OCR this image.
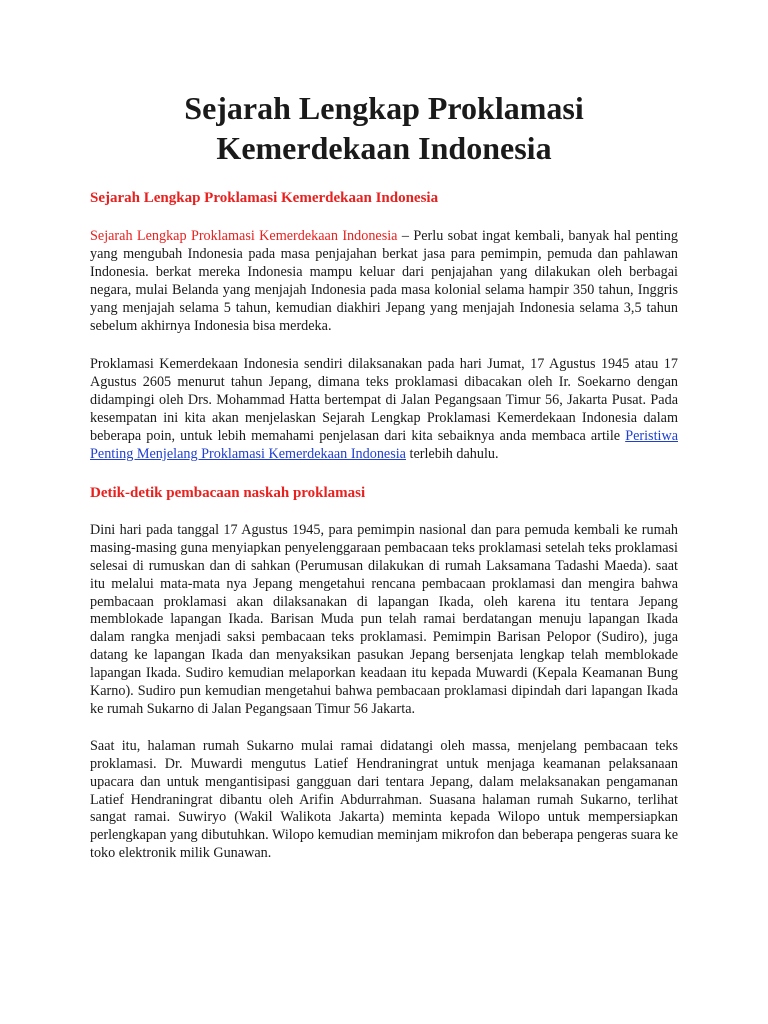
Sejarah Lengkap Proklamasi Kemerdekaan Indonesia
Sejarah Lengkap Proklamasi Kemerdekaan Indonesia

Sejarah Lengkap Proklamasi Kemerdekaan Indonesia – Perlu sobat ingat kembali, banyak hal penting yang mengubah Indonesia pada masa penjajahan berkat jasa para pemimpin, pemuda dan pahlawan Indonesia. berkat mereka Indonesia mampu keluar dari penjajahan yang dilakukan oleh berbagai negara, mulai Belanda yang menjajah Indonesia pada masa kolonial selama hampir 350 tahun, Inggris yang menjajah selama 5 tahun, kemudian diakhiri Jepang yang menjajah Indonesia selama 3,5 tahun sebelum akhirnya Indonesia bisa merdeka.

Proklamasi Kemerdekaan Indonesia sendiri dilaksanakan pada hari Jumat, 17 Agustus 1945 atau 17 Agustus 2605 menurut tahun Jepang, dimana teks proklamasi dibacakan oleh Ir. Soekarno dengan didampingi oleh Drs. Mohammad Hatta bertempat di Jalan Pegangsaan Timur 56, Jakarta Pusat. Pada kesempatan ini kita akan menjelaskan Sejarah Lengkap Proklamasi Kemerdekaan Indonesia dalam beberapa poin, untuk lebih memahami penjelasan dari kita sebaiknya anda membaca artile Peristiwa Penting Menjelang Proklamasi Kemerdekaan Indonesia terlebih dahulu.

Detik-detik pembacaan naskah proklamasi

Dini hari pada tanggal 17 Agustus 1945, para pemimpin nasional dan para pemuda kembali ke rumah masing-masing guna menyiapkan penyelenggaraan pembacaan teks proklamasi setelah teks proklamasi selesai di rumuskan dan di sahkan (Perumusan dilakukan di rumah Laksamana Tadashi Maeda). saat itu melalui mata-mata nya Jepang mengetahui rencana pembacaan proklamasi dan mengira bahwa pembacaan proklamasi akan dilaksanakan di lapangan Ikada, oleh karena itu tentara Jepang memblokade lapangan Ikada. Barisan Muda pun telah ramai berdatangan menuju lapangan Ikada dalam rangka menjadi saksi pembacaan teks proklamasi. Pemimpin Barisan Pelopor (Sudiro), juga datang ke lapangan Ikada dan menyaksikan pasukan Jepang bersenjata lengkap telah memblokade lapangan Ikada. Sudiro kemudian melaporkan keadaan itu kepada Muwardi (Kepala Keamanan Bung Karno). Sudiro pun kemudian mengetahui bahwa pembacaan proklamasi dipindah dari lapangan Ikada ke rumah Sukarno di Jalan Pegangsaan Timur 56 Jakarta.

Saat itu, halaman rumah Sukarno mulai ramai didatangi oleh massa, menjelang pembacaan teks proklamasi. Dr. Muwardi mengutus Latief Hendraningrat untuk menjaga keamanan pelaksanaan upacara dan untuk mengantisipasi gangguan dari tentara Jepang, dalam melaksanakan pengamanan Latief Hendraningrat dibantu oleh Arifin Abdurrahman. Suasana halaman rumah Sukarno, terlihat sangat ramai. Suwiryo (Wakil Walikota Jakarta) meminta kepada Wilopo untuk mempersiapkan perlengkapan yang dibutuhkan. Wilopo kemudian meminjam mikrofon dan beberapa pengeras suara ke toko elektronik milik Gunawan.
